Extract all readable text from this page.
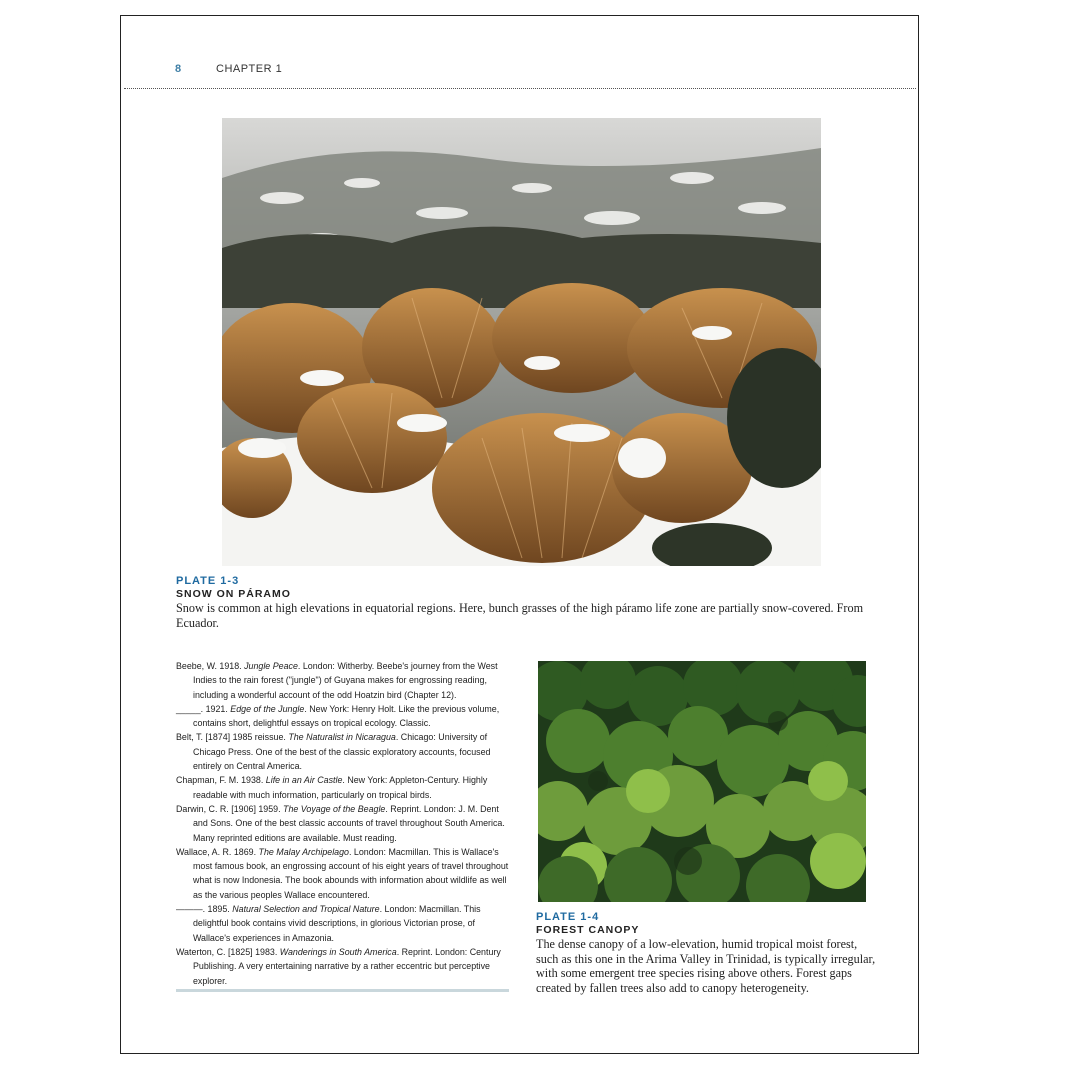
8	CHAPTER 1
PLATE 1-3
SNOW ON PÁRAMO
Snow is common at high elevations in equatorial regions. Here, bunch grasses of the high páramo life zone are partially snow-covered. From Ecuador.

Beebe, W. 1918. Jungle Peace. London: Witherby. Beebe's journey from the West Indies to the rain forest ("jungle") of Guyana makes for engrossing reading, including a wonderful account of the odd Hoatzin bird (Chapter 12).

_____. 1921. Edge of the Jungle. New York: Henry Holt. Like the previous volume, contains short, delightful essays on tropical ecology. Classic.

Belt, T. [1874] 1985 reissue. The Naturalist in Nicaragua. Chicago: University of Chicago Press. One of the best of the classic exploratory accounts, focused entirely on Central America.

Chapman, F. M. 1938. Life in an Air Castle. New York: Appleton-Century. Highly readable with much information, particularly on tropical birds.

Darwin, C. R. [1906] 1959. The Voyage of the Beagle. Reprint. London: J. M. Dent and Sons. One of the best classic accounts of travel throughout South America. Many reprinted editions are available. Must reading.

Wallace, A. R. 1869. The Malay Archipelago. London: Macmillan. This is Wallace's most famous book, an engrossing account of his eight years of travel throughout what is now Indonesia. The book abounds with information about wildlife as well as the various peoples Wallace encountered.

———. 1895. Natural Selection and Tropical Nature. London: Macmillan. This delightful book contains vivid descriptions, in glorious Victorian prose, of Wallace's experiences in Amazonia.

Waterton, C. [1825] 1983. Wanderings in South America. Reprint. London: Century Publishing. A very entertaining narrative by a rather eccentric but perceptive explorer.

PLATE 1-4
FOREST CANOPY
The dense canopy of a low-elevation, humid tropical moist forest, such as this one in the Arima Valley in Trinidad, is typically irregular, with some emergent tree species rising above others. Forest gaps created by fallen trees also add to canopy heterogeneity.
